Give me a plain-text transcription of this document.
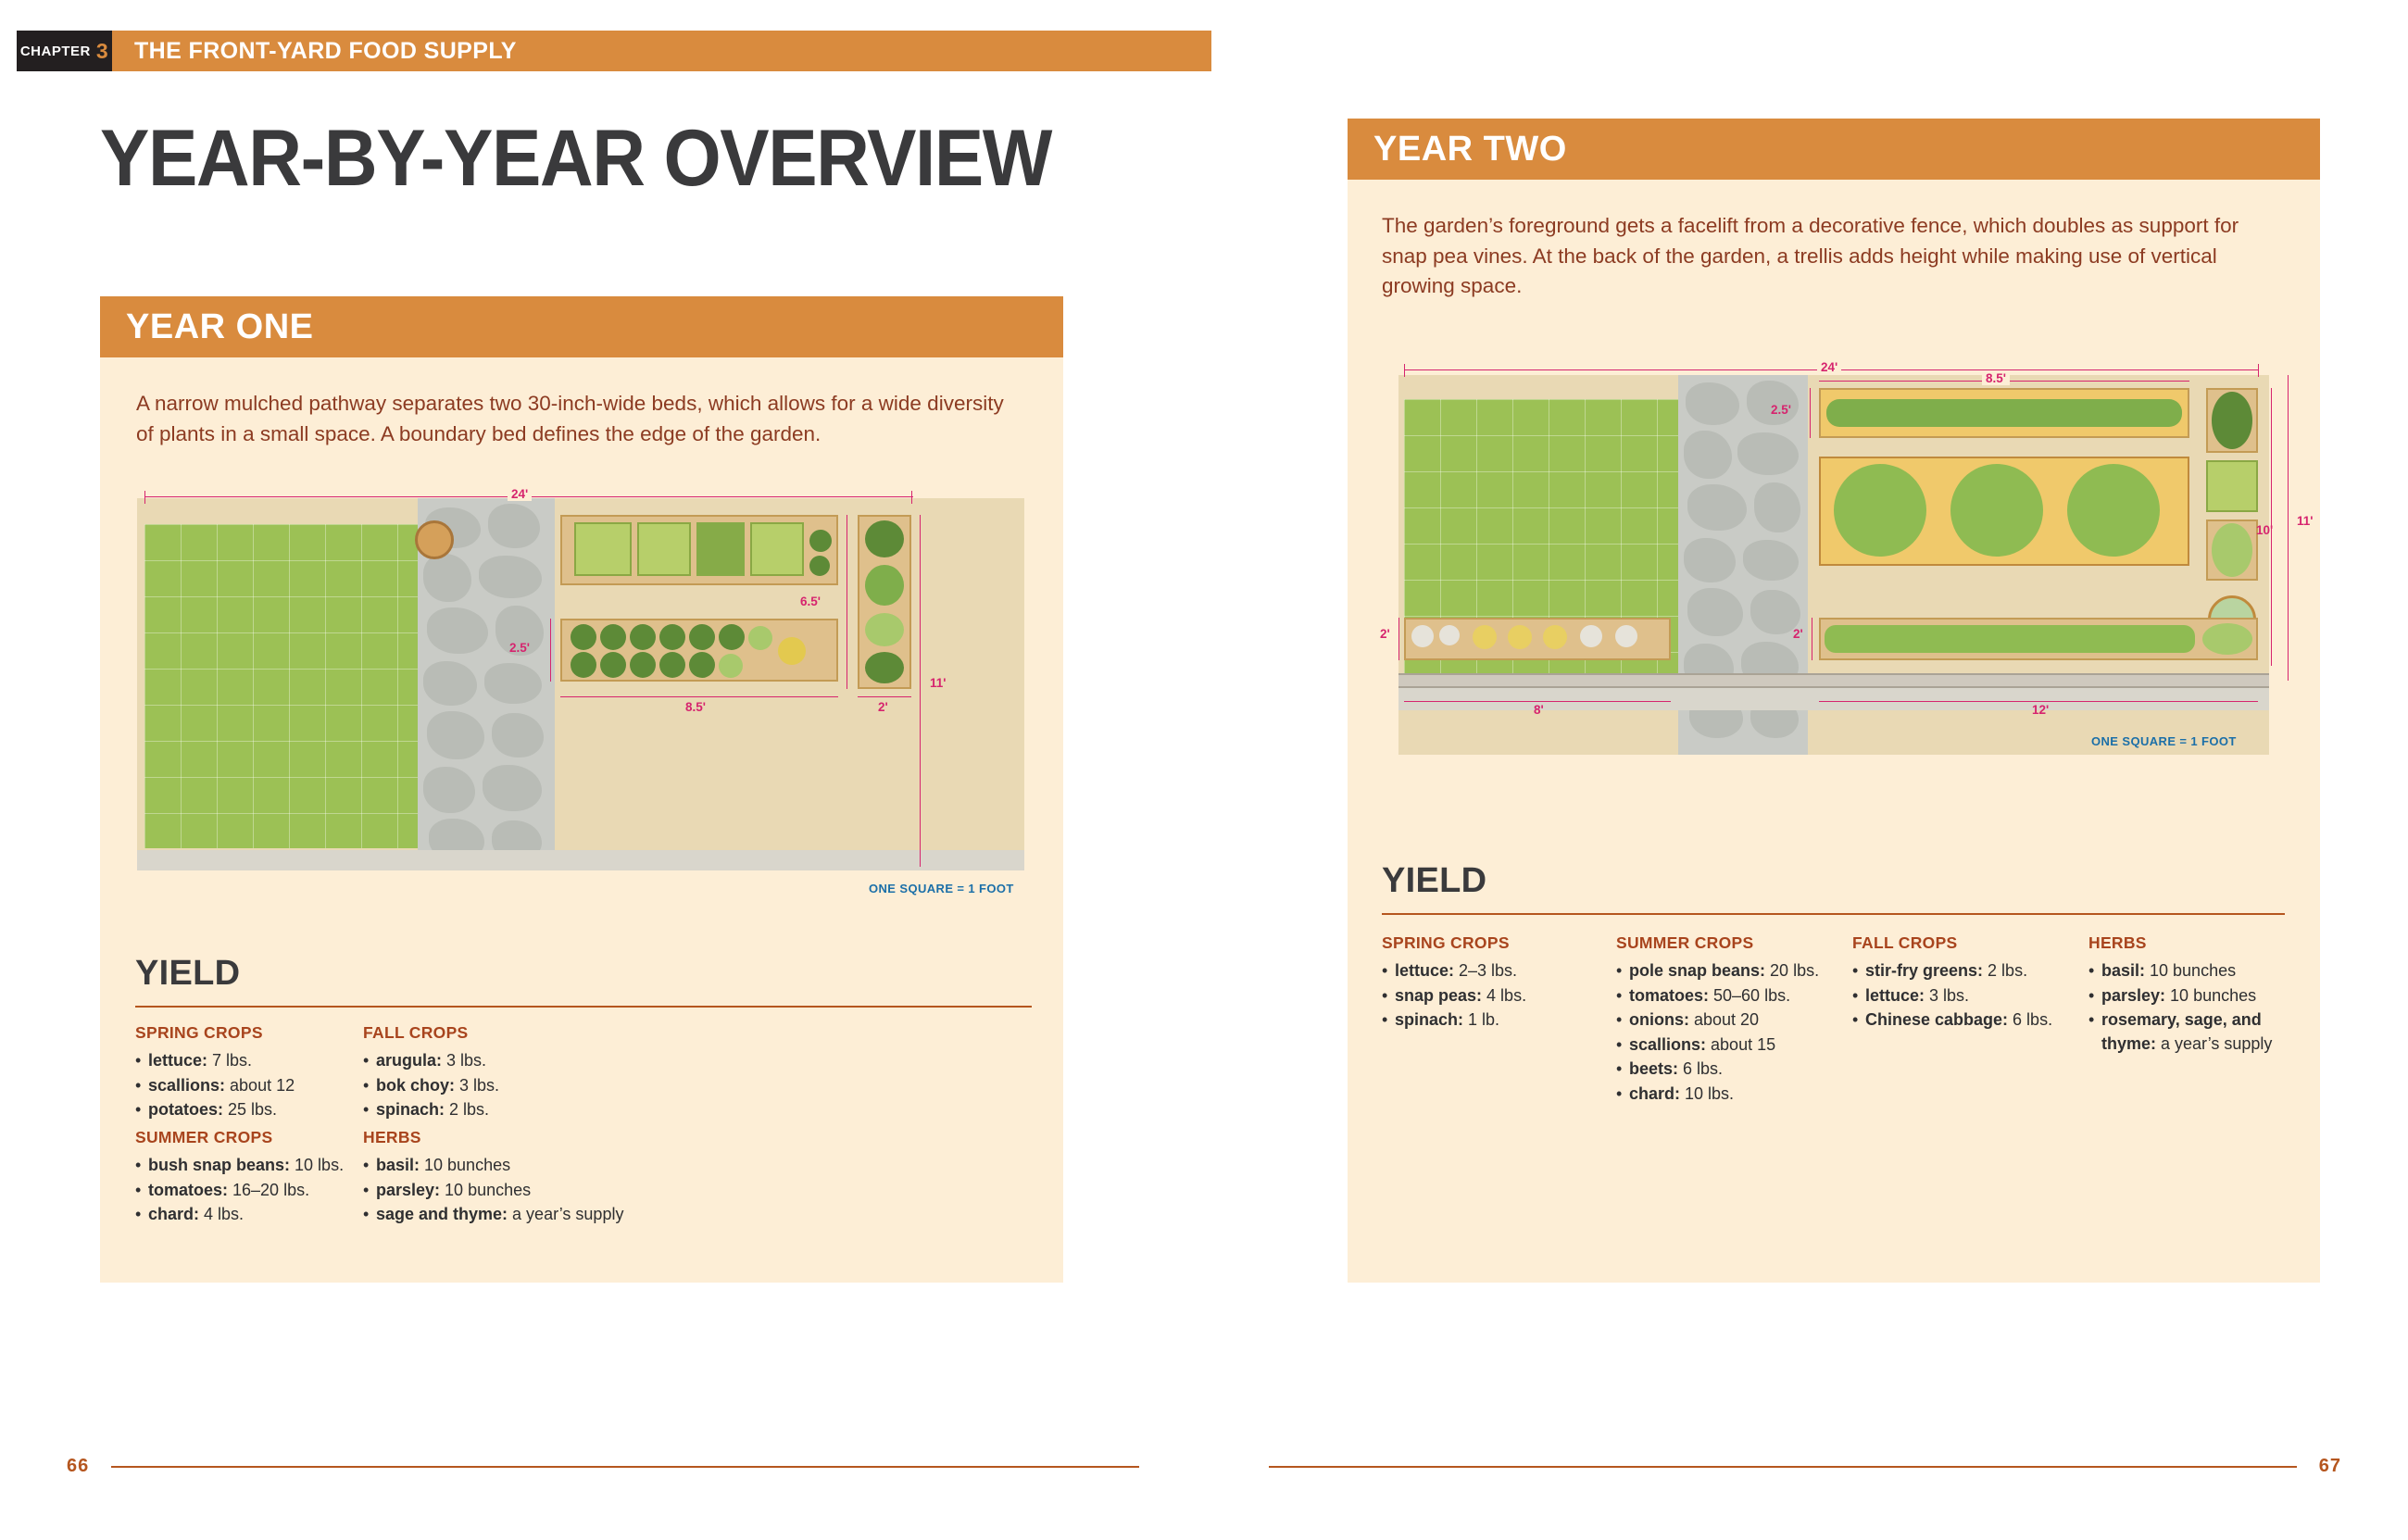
CHAPTER 3	THE FRONT-YARD FOOD SUPPLY
YEAR-BY-YEAR OVERVIEW
YEAR ONE
A narrow mulched pathway separates two 30-inch-wide beds, which allows for a wide diversity of plants in a small space. A boundary bed defines the edge of the garden.
24'
11'
6.5'
2.5'
8.5'	2'
ONE SQUARE = 1 FOOT
YIELD
SPRING CROPS
• lettuce: 7 lbs.
• scallions: about 12
• potatoes: 25 lbs.
FALL CROPS
• arugula: 3 lbs.
• bok choy: 3 lbs.
• spinach: 2 lbs.
SUMMER CROPS
• bush snap beans: 10 lbs.
• tomatoes: 16–20 lbs.
• chard: 4 lbs.
HERBS
• basil: 10 bunches
• parsley: 10 bunches
• sage and thyme: a year’s supply
66
YEAR TWO
The garden’s foreground gets a facelift from a decorative fence, which doubles as support for snap pea vines. At the back of the garden, a trellis adds height while making use of vertical growing space.
24'
8.5'
2.5'
10'
11'
2'	2'
8'	12'
ONE SQUARE = 1 FOOT
YIELD
SPRING CROPS
• lettuce: 2–3 lbs.
• snap peas: 4 lbs.
• spinach: 1 lb.
SUMMER CROPS
• pole snap beans: 20 lbs.
• tomatoes: 50–60 lbs.
• onions: about 20
• scallions: about 15
• beets: 6 lbs.
• chard: 10 lbs.
FALL CROPS
• stir-fry greens: 2 lbs.
• lettuce: 3 lbs.
• Chinese cabbage: 6 lbs.
HERBS
• basil: 10 bunches
• parsley: 10 bunches
• rosemary, sage, and thyme: a year’s supply
67
